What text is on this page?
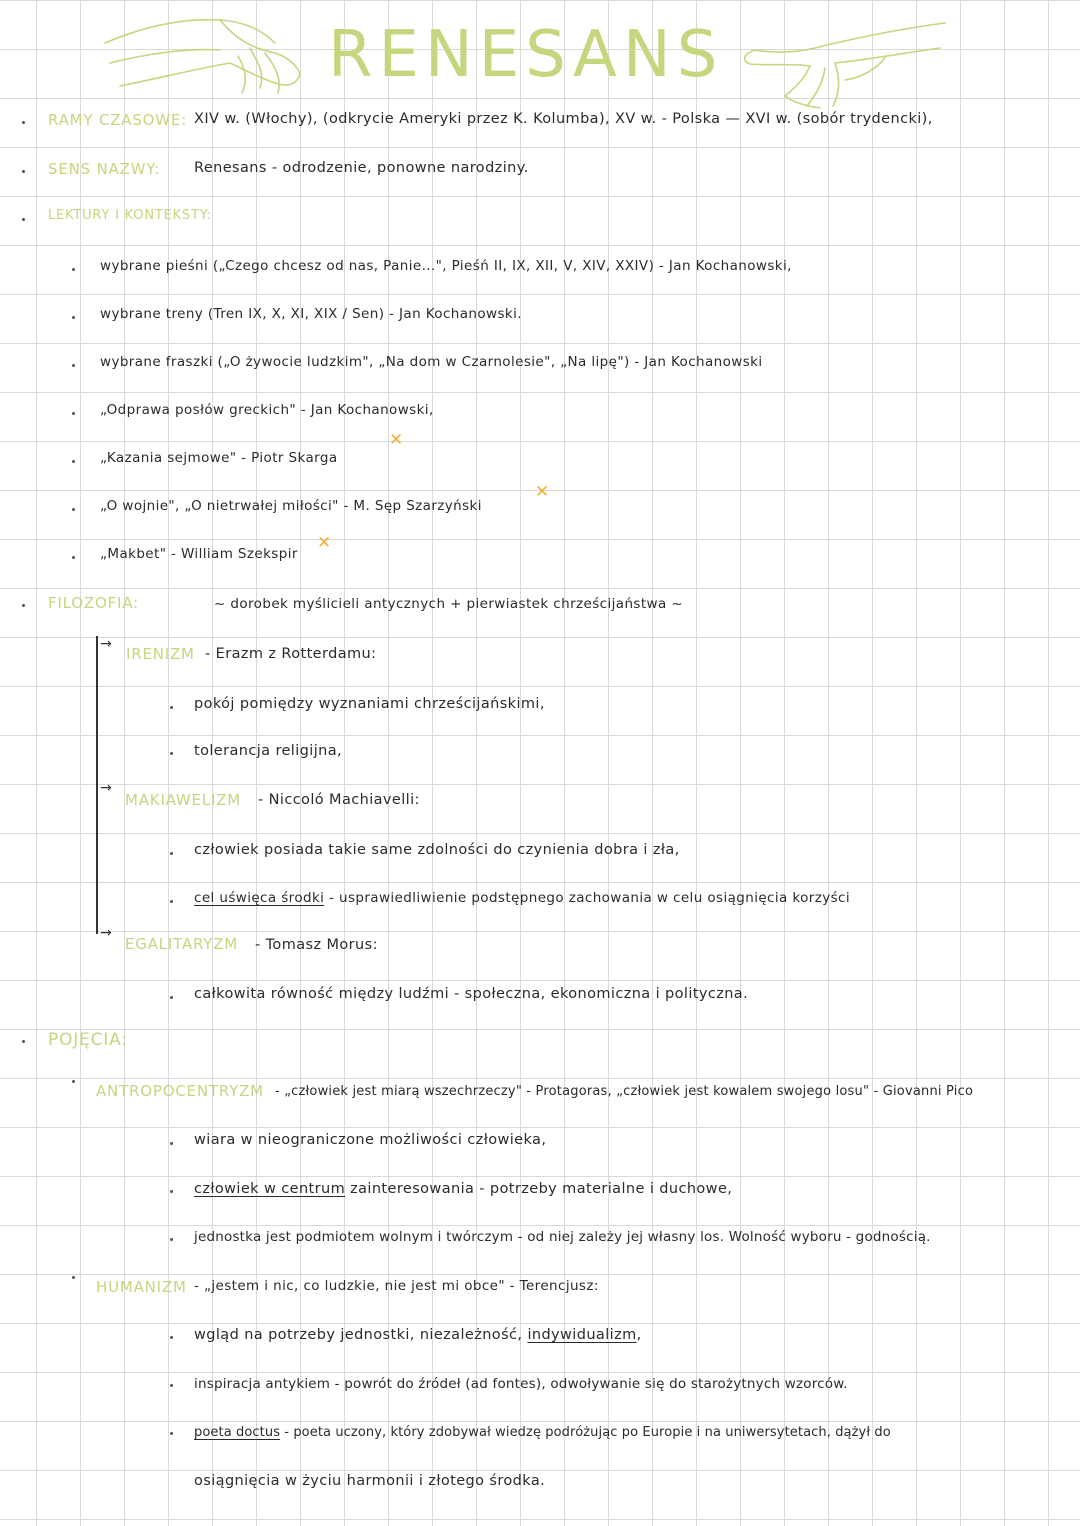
RENESANS
RAMY CZASOWE: XIV w. (Włochy), (odkrycie Ameryki przez K. Kolumba), XV w. - Polska — XVI w. (sobór trydencki),
SENS NAZWY: Renesans - odrodzenie, ponowne narodziny.
LEKTURY I KONTEKSTY:
wybrane pieśni („Czego chcesz od nas, Panie...", Pieśń II, IX, XII, V, XIV, XXIV) - Jan Kochanowski,
wybrane treny (Tren IX, X, XI, XIX / Sen) - Jan Kochanowski.
wybrane fraszki („O żywocie ludzkim", „Na dom w Czarnolesie", „Na lipę") - Jan Kochanowski
„Odprawa posłów greckich" - Jan Kochanowski,
„Kazania sejmowe" - Piotr Skarga
„O wojnie", „O nietrwałej miłości" - M. Sęp Szarzyński
„Makbet" - William Szekspir
✕
✕
✕
FILOZOFIA:	~ dorobek myślicieli antycznych + pierwiastek chrześcijaństwa ~
→
→
→
IRENIZM - Erazm z Rotterdamu:
pokój pomiędzy wyznaniami chrześcijańskimi,
tolerancja religijna,
MAKIAWELIZM - Niccoló Machiavelli:
człowiek posiada takie same zdolności do czynienia dobra i zła,
cel uświęca środki - usprawiedliwienie podstępnego zachowania w celu osiągnięcia korzyści
EGALITARYZM - Tomasz Morus:
całkowita równość między ludźmi - społeczna, ekonomiczna i polityczna.
POJĘCIA:
ANTROPOCENTRYZM - „człowiek jest miarą wszechrzeczy" - Protagoras, „człowiek jest kowalem swojego losu" - Giovanni Pico
wiara w nieograniczone możliwości człowieka,
człowiek w centrum zainteresowania - potrzeby materialne i duchowe,
jednostka jest podmiotem wolnym i twórczym - od niej zależy jej własny los. Wolność wyboru - godnością.
HUMANIZM - „jestem i nic, co ludzkie, nie jest mi obce" - Terencjusz:
wgląd na potrzeby jednostki, niezależność, indywidualizm,
inspiracja antykiem - powrót do źródeł (ad fontes), odwoływanie się do starożytnych wzorców.
poeta doctus - poeta uczony, który zdobywał wiedzę podróżując po Europie i na uniwersytetach, dążył do
osiągnięcia w życiu harmonii i złotego środka.
